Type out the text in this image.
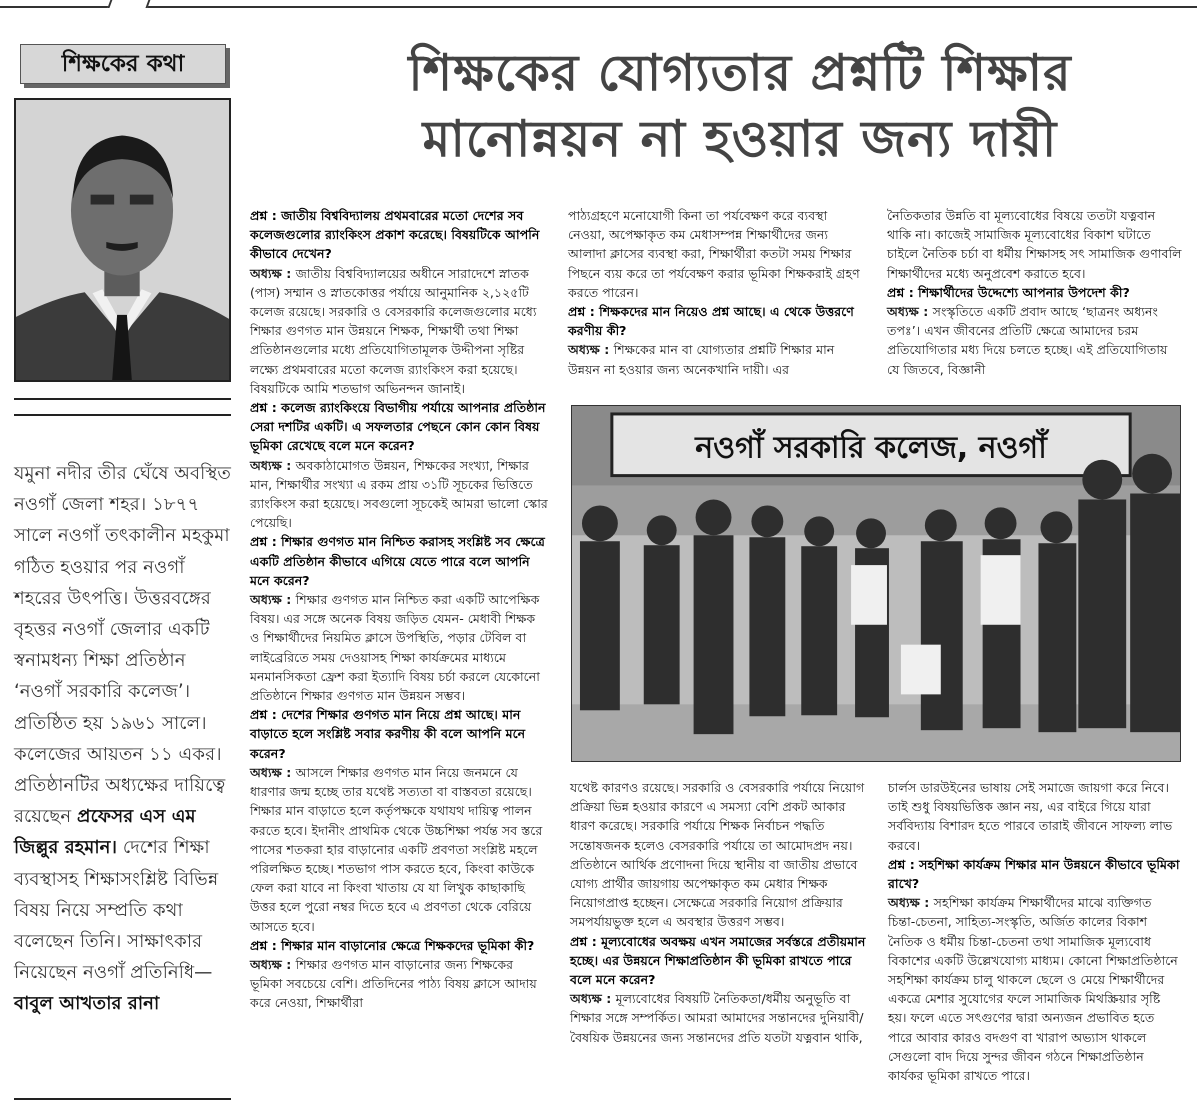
শিক্ষকের কথা	শিক্ষকের যোগ্যতার প্রশ্নটি শিক্ষার
মানোন্নয়ন না হওয়ার জন্য দায়ী
যমুনা নদীর তীর ঘেঁষে অবস্থিত নওগাঁ জেলা শহর। ১৮৭৭ সালে নওগাঁ তৎকালীন মহকুমা গঠিত হওয়ার পর নওগাঁ শহরের উৎপত্তি। উত্তরবঙ্গের বৃহত্তর নওগাঁ জেলার একটি স্বনামধন্য শিক্ষা প্রতিষ্ঠান ‘নওগাঁ সরকারি কলেজ’। প্রতিষ্ঠিত হয় ১৯৬১ সালে। কলেজের আয়তন ১১ একর। প্রতিষ্ঠানটির অধ্যক্ষের দায়িত্বে রয়েছেন প্রফেসর এস এম জিল্লুর রহমান। দেশের শিক্ষা ব্যবস্থাসহ শিক্ষাসংশ্লিষ্ট বিভিন্ন বিষয় নিয়ে সম্প্রতি কথা বলেছেন তিনি। সাক্ষাৎকার নিয়েছেন নওগাঁ প্রতিনিধি—
বাবুল আখতার রানা

প্রশ্ন : জাতীয় বিশ্ববিদ্যালয় প্রথমবারের মতো দেশের সব কলেজগুলোর র‌্যাংকিংস প্রকাশ করেছে। বিষয়টিকে আপনি কীভাবে দেখেন?

অধ্যক্ষ : জাতীয় বিশ্ববিদ্যালয়ের অধীনে সারাদেশে স্নাতক (পাস) সম্মান ও স্নাতকোত্তর পর্যায়ে আনুমানিক ২,১২৫টি কলেজ রয়েছে। সরকারি ও বেসরকারি কলেজগুলোর মধ্যে শিক্ষার গুণগত মান উন্নয়নে শিক্ষক, শিক্ষার্থী তথা শিক্ষা প্রতিষ্ঠানগুলোর মধ্যে প্রতিযোগিতামূলক উদ্দীপনা সৃষ্টির লক্ষ্যে প্রথমবারের মতো কলেজ র‌্যাংকিংস করা হয়েছে। বিষয়টিকে আমি শতভাগ অভিনন্দন জানাই।

প্রশ্ন : কলেজ র‌্যাংকিংয়ে বিভাগীয় পর্যায়ে আপনার প্রতিষ্ঠান সেরা দশটির একটি। এ সফলতার পেছনে কোন কোন বিষয় ভূমিকা রেখেছে বলে মনে করেন?

অধ্যক্ষ : অবকাঠামোগত উন্নয়ন, শিক্ষকের সংখ্যা, শিক্ষার মান, শিক্ষার্থীর সংখ্যা এ রকম প্রায় ৩১টি সূচকের ভিত্তিতে র‌্যাংকিংস করা হয়েছে। সবগুলো সূচকেই আমরা ভালো স্কোর পেয়েছি।

প্রশ্ন : শিক্ষার গুণগত মান নিশ্চিত করাসহ সংশ্লিষ্ট সব ক্ষেত্রে একটি প্রতিষ্ঠান কীভাবে এগিয়ে যেতে পারে বলে আপনি মনে করেন?

অধ্যক্ষ : শিক্ষার গুণগত মান নিশ্চিত করা একটি আপেক্ষিক বিষয়। এর সঙ্গে অনেক বিষয় জড়িত যেমন- মেধাবী শিক্ষক ও শিক্ষার্থীদের নিয়মিত ক্লাসে উপস্থিতি, পড়ার টেবিল বা লাইব্রেরিতে সময় দেওয়াসহ শিক্ষা কার্যক্রমের মাধ্যমে মনমানসিকতা ফ্রেশ করা ইত্যাদি বিষয় চর্চা করলে যেকোনো প্রতিষ্ঠানে শিক্ষার গুণগত মান উন্নয়ন সম্ভব।

প্রশ্ন : দেশের শিক্ষার গুণগত মান নিয়ে প্রশ্ন আছে। মান বাড়াতে হলে সংশ্লিষ্ট সবার করণীয় কী বলে আপনি মনে করেন?

অধ্যক্ষ : আসলে শিক্ষার গুণগত মান নিয়ে জনমনে যে ধারণার জন্ম হচ্ছে তার যথেষ্ট সত্যতা বা বাস্তবতা রয়েছে। শিক্ষার মান বাড়াতে হলে কর্তৃপক্ষকে যথাযথ দায়িত্ব পালন করতে হবে। ইদানীং প্রাথমিক থেকে উচ্চশিক্ষা পর্যন্ত সব স্তরে পাসের শতকরা হার বাড়ানোর একটি প্রবণতা সংশ্লিষ্ট মহলে পরিলক্ষিত হচ্ছে। শতভাগ পাস করতে হবে, কিংবা কাউকে ফেল করা যাবে না কিংবা খাতায় যে যা লিখুক কাছাকাছি উত্তর হলে পুরো নম্বর দিতে হবে এ প্রবণতা থেকে বেরিয়ে আসতে হবে।

প্রশ্ন : শিক্ষার মান বাড়ানোর ক্ষেত্রে শিক্ষকদের ভূমিকা কী?

অধ্যক্ষ : শিক্ষার গুণগত মান বাড়ানোর জন্য শিক্ষকের ভূমিকা সবচেয়ে বেশি। প্রতিদিনের পাঠ্য বিষয় ক্লাসে আদায় করে নেওয়া, শিক্ষার্থীরা

পাঠ্যগ্রহণে মনোযোগী কিনা তা পর্যবেক্ষণ করে ব্যবস্থা নেওয়া, অপেক্ষাকৃত কম মেধাসম্পন্ন শিক্ষার্থীদের জন্য আলাদা ক্লাসের ব্যবস্থা করা, শিক্ষার্থীরা কতটা সময় শিক্ষার পিছনে ব্যয় করে তা পর্যবেক্ষণ করার ভূমিকা শিক্ষকরাই গ্রহণ করতে পারেন।

প্রশ্ন : শিক্ষকদের মান নিয়েও প্রশ্ন আছে। এ থেকে উত্তরণে করণীয় কী?

অধ্যক্ষ : শিক্ষকের মান বা যোগ্যতার প্রশ্নটি শিক্ষার মান উন্নয়ন না হওয়ার জন্য অনেকখানি দায়ী। এর

নৈতিকতার উন্নতি বা মূল্যবোধের বিষয়ে ততটা যত্নবান থাকি না। কাজেই সামাজিক মূল্যবোধের বিকাশ ঘটাতে চাইলে নৈতিক চর্চা বা ধর্মীয় শিক্ষাসহ সৎ সামাজিক গুণাবলি শিক্ষার্থীদের মধ্যে অনুপ্রবেশ করাতে হবে।

প্রশ্ন : শিক্ষার্থীদের উদ্দেশ্যে আপনার উপদেশ কী?

অধ্যক্ষ : সংস্কৃতিতে একটি প্রবাদ আছে ‘ছাত্রনং অধ্যনং তপঃ’। এখন জীবনের প্রতিটি ক্ষেত্রে আমাদের চরম প্রতিযোগিতার মধ্য দিয়ে চলতে হচ্ছে। এই প্রতিযোগিতায় যে জিতবে, বিজ্ঞানী

যথেষ্ট কারণও রয়েছে। সরকারি ও বেসরকারি পর্যায়ে নিয়োগ প্রক্রিয়া ভিন্ন হওয়ার কারণে এ সমস্যা বেশি প্রকট আকার ধারণ করেছে। সরকারি পর্যায়ে শিক্ষক নির্বাচন পদ্ধতি সন্তোষজনক হলেও বেসরকারি পর্যায়ে তা আমোদপ্রদ নয়। প্রতিষ্ঠানে আর্থিক প্রণোদনা দিয়ে স্থানীয় বা জাতীয় প্রভাবে যোগ্য প্রার্থীর জায়গায় অপেক্ষাকৃত কম মেধার শিক্ষক নিয়োগপ্রাপ্ত হচ্ছেন। সেক্ষেত্রে সরকারি নিয়োগ প্রক্রিয়ার সমপর্যায়ভুক্ত হলে এ অবস্থার উত্তরণ সম্ভব।

প্রশ্ন : মূল্যবোধের অবক্ষয় এখন সমাজের সর্বস্তরে প্রতীয়মান হচ্ছে। এর উন্নয়নে শিক্ষাপ্রতিষ্ঠান কী ভূমিকা রাখতে পারে বলে মনে করেন?

অধ্যক্ষ : মূল্যবোধের বিষয়টি নৈতিকতা/ধর্মীয় অনুভূতি বা শিক্ষার সঙ্গে সম্পর্কিত। আমরা আমাদের সন্তানদের দুনিয়াবী/বৈষয়িক উন্নয়নের জন্য সন্তানদের প্রতি যতটা যত্নবান থাকি,

চার্লস ডারউইনের ভাষায় সেই সমাজে জায়গা করে নিবে। তাই শুধু বিষয়ভিত্তিক জ্ঞান নয়, এর বাইরে গিয়ে যারা সর্ববিদ্যায় বিশারদ হতে পারবে তারাই জীবনে সাফল্য লাভ করবে।

প্রশ্ন : সহশিক্ষা কার্যক্রম শিক্ষার মান উন্নয়নে কীভাবে ভূমিকা রাখে?

অধ্যক্ষ : সহশিক্ষা কার্যক্রম শিক্ষার্থীদের মাঝে ব্যক্তিগত চিন্তা-চেতনা, সাহিত্য-সংস্কৃতি, অর্জিত কালের বিকাশ নৈতিক ও ধর্মীয় চিন্তা-চেতনা তথা সামাজিক মূল্যবোধ বিকাশের একটি উল্লেখযোগ্য মাধ্যম। কোনো শিক্ষাপ্রতিষ্ঠানে সহশিক্ষা কার্যক্রম চালু থাকলে ছেলে ও মেয়ে শিক্ষার্থীদের একত্রে মেশার সুযোগের ফলে সামাজিক মিথস্ক্রিয়ার সৃষ্টি হয়। ফলে এতে সৎগুণের দ্বারা অন্যজন প্রভাবিত হতে পারে আবার কারও বদগুণ বা খারাপ অভ্যাস থাকলে সেগুলো বাদ দিয়ে সুন্দর জীবন গঠনে শিক্ষাপ্রতিষ্ঠান কার্যকর ভূমিকা রাখতে পারে।

নওগাঁ সরকারি কলেজ, নওগাঁ
